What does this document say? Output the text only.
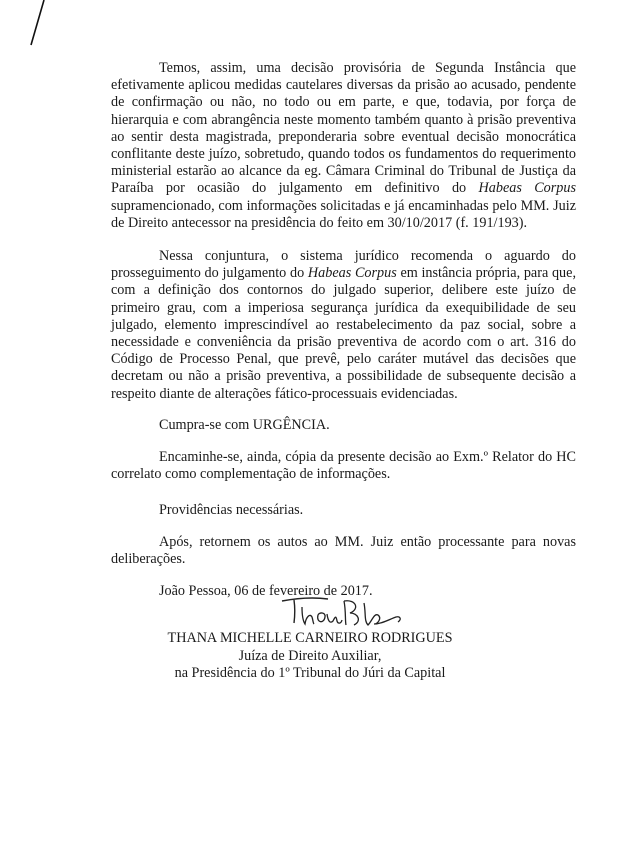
Temos, assim, uma decisão provisória de Segunda Instância que efetivamente aplicou medidas cautelares diversas da prisão ao acusado, pendente de confirmação ou não, no todo ou em parte, e que, todavia, por força de hierarquia e com abrangência neste momento também quanto à prisão preventiva ao sentir desta magistrada, preponderaria sobre eventual decisão monocrática conflitante deste juízo, sobretudo, quando todos os fundamentos do requerimento ministerial estarão ao alcance da eg. Câmara Criminal do Tribunal de Justiça da Paraíba por ocasião do julgamento em definitivo do Habeas Corpus supramencionado, com informações solicitadas e já encaminhadas pelo MM. Juiz de Direito antecessor na presidência do feito em 30/10/2017 (f. 191/193).

Nessa conjuntura, o sistema jurídico recomenda o aguardo do prosseguimento do julgamento do Habeas Corpus em instância própria, para que, com a definição dos contornos do julgado superior, delibere este juízo de primeiro grau, com a imperiosa segurança jurídica da exequibilidade de seu julgado, elemento imprescindível ao restabelecimento da paz social, sobre a necessidade e conveniência da prisão preventiva de acordo com o art. 316 do Código de Processo Penal, que prevê, pelo caráter mutável das decisões que decretam ou não a prisão preventiva, a possibilidade de subsequente decisão a respeito diante de alterações fático-processuais evidenciadas.

Cumpra-se com URGÊNCIA.

Encaminhe-se, ainda, cópia da presente decisão ao Exm.º Relator do HC correlato como complementação de informações.

Providências necessárias.

Após, retornem os autos ao MM. Juiz então processante para novas deliberações.

João Pessoa, 06 de fevereiro de 2017.

THANA MICHELLE CARNEIRO RODRIGUES
Juíza de Direito Auxiliar,
na Presidência do 1º Tribunal do Júri da Capital
